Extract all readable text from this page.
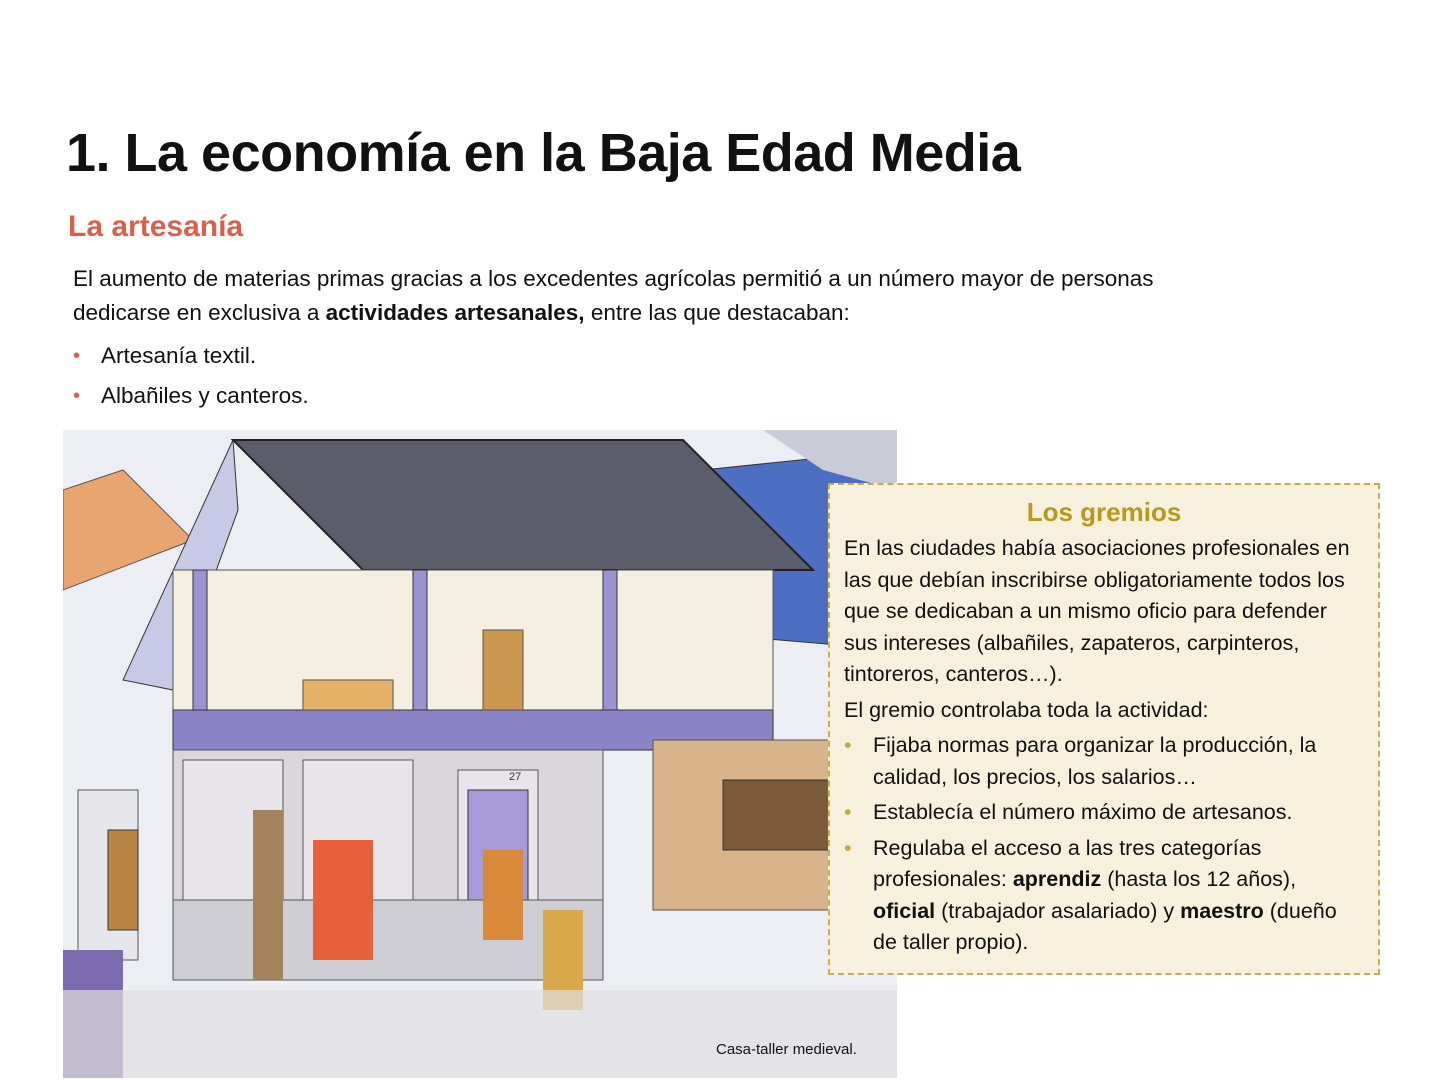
1. La economía en la Baja Edad Media
La artesanía
El aumento de materias primas gracias a los excedentes agrícolas permitió a un número mayor de personas dedicarse en exclusiva a actividades artesanales, entre las que destacaban:
• Artesanía textil.
• Albañiles y canteros.
27
Casa-taller medieval.
Los gremios

En las ciudades había asociaciones profesionales en las que debían inscribirse obligatoriamente todos los que se dedicaban a un mismo oficio para defender sus intereses (albañiles, zapateros, carpinteros, tintoreros, canteros…).

El gremio controlaba toda la actividad:

• Fijaba normas para organizar la producción, la calidad, los precios, los salarios…
• Establecía el número máximo de artesanos.
• Regulaba el acceso a las tres categorías profesionales: aprendiz (hasta los 12 años), oficial (trabajador asalariado) y maestro (dueño de taller propio).
